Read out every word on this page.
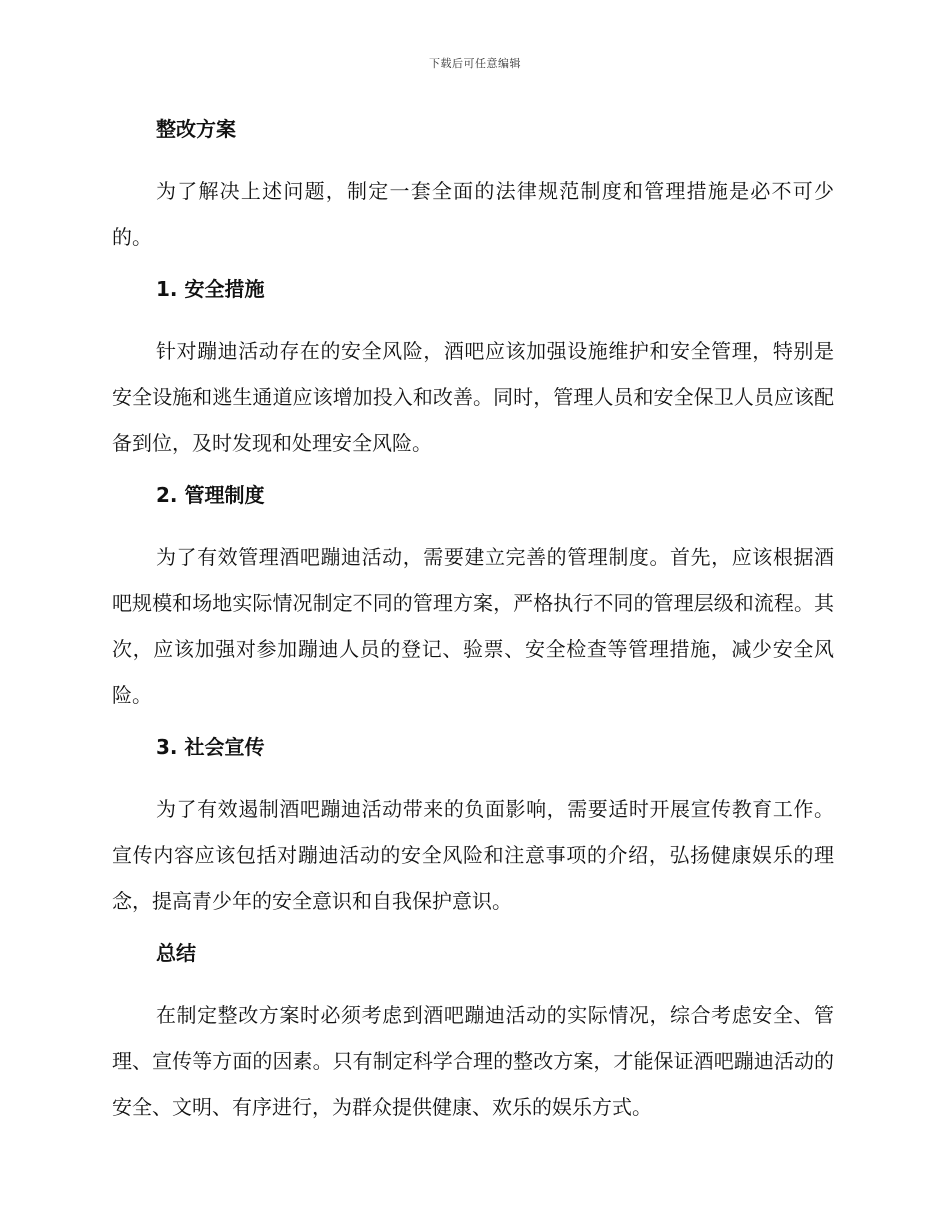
下载后可任意编辑
整改方案

为了解决上述问题，制定一套全面的法律规范制度和管理措施是必不可少的。

1. 安全措施

针对蹦迪活动存在的安全风险，酒吧应该加强设施维护和安全管理，特别是安全设施和逃生通道应该增加投入和改善。同时，管理人员和安全保卫人员应该配备到位，及时发现和处理安全风险。

2. 管理制度

为了有效管理酒吧蹦迪活动，需要建立完善的管理制度。首先，应该根据酒吧规模和场地实际情况制定不同的管理方案，严格执行不同的管理层级和流程。其次，应该加强对参加蹦迪人员的登记、验票、安全检查等管理措施，减少安全风险。

3. 社会宣传

为了有效遏制酒吧蹦迪活动带来的负面影响，需要适时开展宣传教育工作。宣传内容应该包括对蹦迪活动的安全风险和注意事项的介绍，弘扬健康娱乐的理念，提高青少年的安全意识和自我保护意识。

总结

在制定整改方案时必须考虑到酒吧蹦迪活动的实际情况，综合考虑安全、管理、宣传等方面的因素。只有制定科学合理的整改方案，才能保证酒吧蹦迪活动的安全、文明、有序进行，为群众提供健康、欢乐的娱乐方式。
